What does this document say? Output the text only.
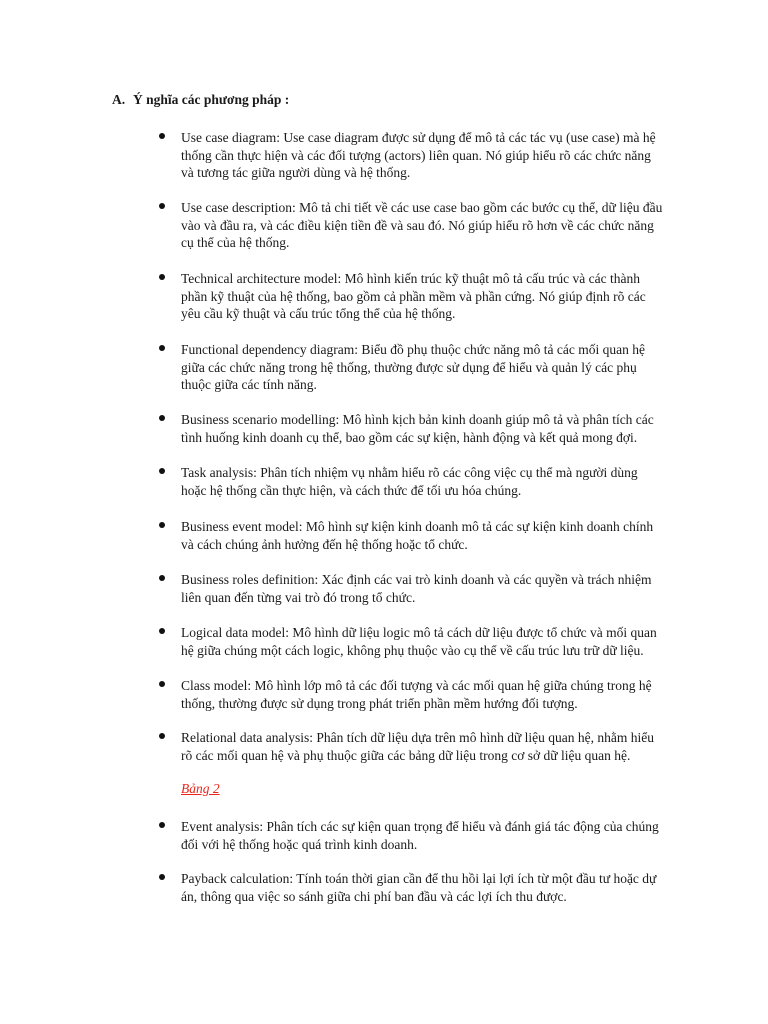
A. Ý nghĩa các phương pháp :
Use case diagram: Use case diagram được sử dụng để mô tả các tác vụ (use case) mà hệ
thống cần thực hiện và các đối tượng (actors) liên quan. Nó giúp hiểu rõ các chức năng
và tương tác giữa người dùng và hệ thống.
Use case description: Mô tả chi tiết về các use case bao gồm các bước cụ thể, dữ liệu đầu
vào và đầu ra, và các điều kiện tiền đề và sau đó. Nó giúp hiểu rõ hơn về các chức năng
cụ thể của hệ thống.
Technical architecture model: Mô hình kiến trúc kỹ thuật mô tả cấu trúc và các thành
phần kỹ thuật của hệ thống, bao gồm cả phần mềm và phần cứng. Nó giúp định rõ các
yêu cầu kỹ thuật và cấu trúc tổng thể của hệ thống.
Functional dependency diagram: Biểu đồ phụ thuộc chức năng mô tả các mối quan hệ
giữa các chức năng trong hệ thống, thường được sử dụng để hiểu và quản lý các phụ
thuộc giữa các tính năng.
Business scenario modelling: Mô hình kịch bản kinh doanh giúp mô tả và phân tích các
tình huống kinh doanh cụ thể, bao gồm các sự kiện, hành động và kết quả mong đợi.
Task analysis: Phân tích nhiệm vụ nhằm hiểu rõ các công việc cụ thể mà người dùng
hoặc hệ thống cần thực hiện, và cách thức để tối ưu hóa chúng.
Business event model: Mô hình sự kiện kinh doanh mô tả các sự kiện kinh doanh chính
và cách chúng ảnh hưởng đến hệ thống hoặc tổ chức.
Business roles definition: Xác định các vai trò kinh doanh và các quyền và trách nhiệm
liên quan đến từng vai trò đó trong tổ chức.
Logical data model: Mô hình dữ liệu logic mô tả cách dữ liệu được tổ chức và mối quan
hệ giữa chúng một cách logic, không phụ thuộc vào cụ thể về cấu trúc lưu trữ dữ liệu.
Class model: Mô hình lớp mô tả các đối tượng và các mối quan hệ giữa chúng trong hệ
thống, thường được sử dụng trong phát triển phần mềm hướng đối tượng.
Relational data analysis: Phân tích dữ liệu dựa trên mô hình dữ liệu quan hệ, nhằm hiểu
rõ các mối quan hệ và phụ thuộc giữa các bảng dữ liệu trong cơ sở dữ liệu quan hệ.
Bảng 2
Event analysis: Phân tích các sự kiện quan trọng để hiểu và đánh giá tác động của chúng
đối với hệ thống hoặc quá trình kinh doanh.
Payback calculation: Tính toán thời gian cần để thu hồi lại lợi ích từ một đầu tư hoặc dự
án, thông qua việc so sánh giữa chi phí ban đầu và các lợi ích thu được.
